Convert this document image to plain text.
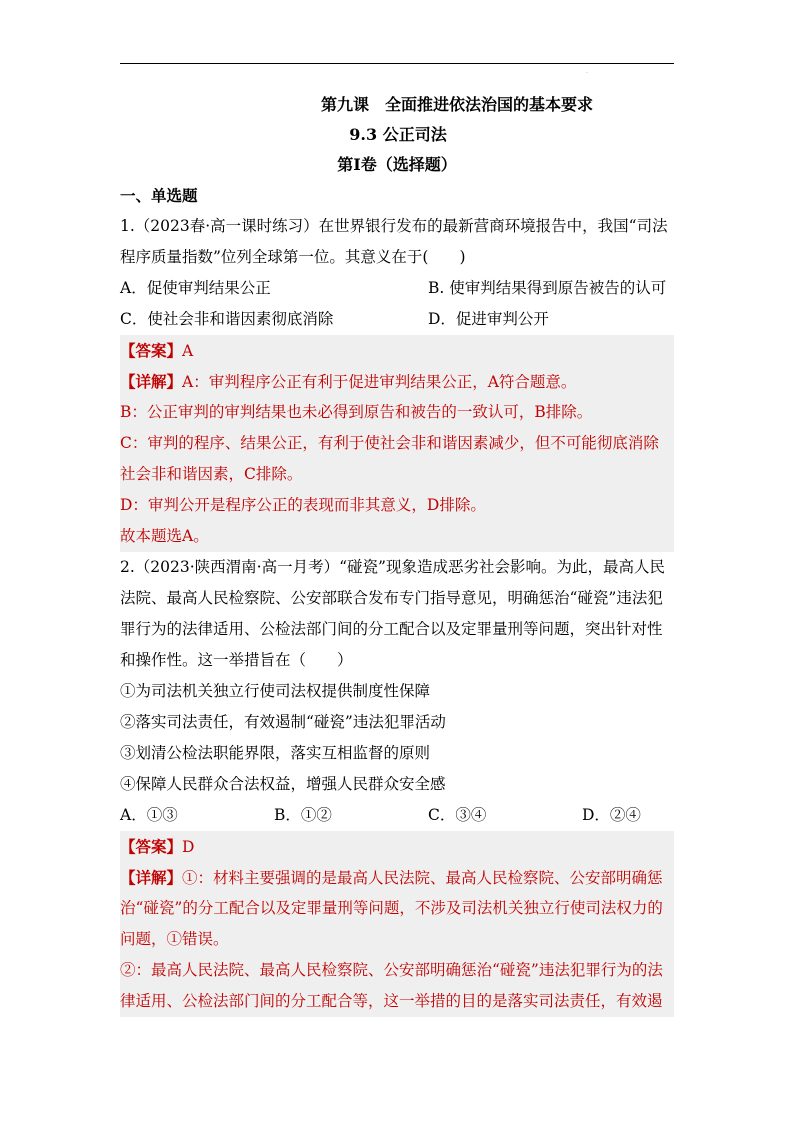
·
第九课　全面推进依法治国的基本要求
9.3 公正司法
第Ⅰ卷（选择题）
一、单选题
1.（2023春·高一课时练习）在世界银行发布的最新营商环境报告中，我国“司法
程序质量指数”位列全球第一位。其意义在于(　　)
A．促使审判结果公正	B. 使审判结果得到原告被告的认可
C．使社会非和谐因素彻底消除	D．促进审判公开
【答案】A
【详解】A：审判程序公正有利于促进审判结果公正，A符合题意。
B：公正审判的审判结果也未必得到原告和被告的一致认可，B排除。
C：审判的程序、结果公正，有利于使社会非和谐因素减少，但不可能彻底消除
社会非和谐因素，C排除。
D：审判公开是程序公正的表现而非其意义，D排除。
故本题选A。
2.（2023·陕西渭南·高一月考）“碰瓷”现象造成恶劣社会影响。为此，最高人民
法院、最高人民检察院、公安部联合发布专门指导意见，明确惩治“碰瓷”违法犯
罪行为的法律适用、公检法部门间的分工配合以及定罪量刑等问题，突出针对性
和操作性。这一举措旨在（　　）
①为司法机关独立行使司法权提供制度性保障
②落实司法责任，有效遏制“碰瓷”违法犯罪活动
③划清公检法职能界限，落实互相监督的原则
④保障人民群众合法权益，增强人民群众安全感
A．①③	B．①②	C．③④	D．②④
【答案】D
【详解】①：材料主要强调的是最高人民法院、最高人民检察院、公安部明确惩
治“碰瓷”的分工配合以及定罪量刑等问题，不涉及司法机关独立行使司法权力的
问题，①错误。
②：最高人民法院、最高人民检察院、公安部明确惩治“碰瓷”违法犯罪行为的法
律适用、公检法部门间的分工配合等，这一举措的目的是落实司法责任，有效遏
